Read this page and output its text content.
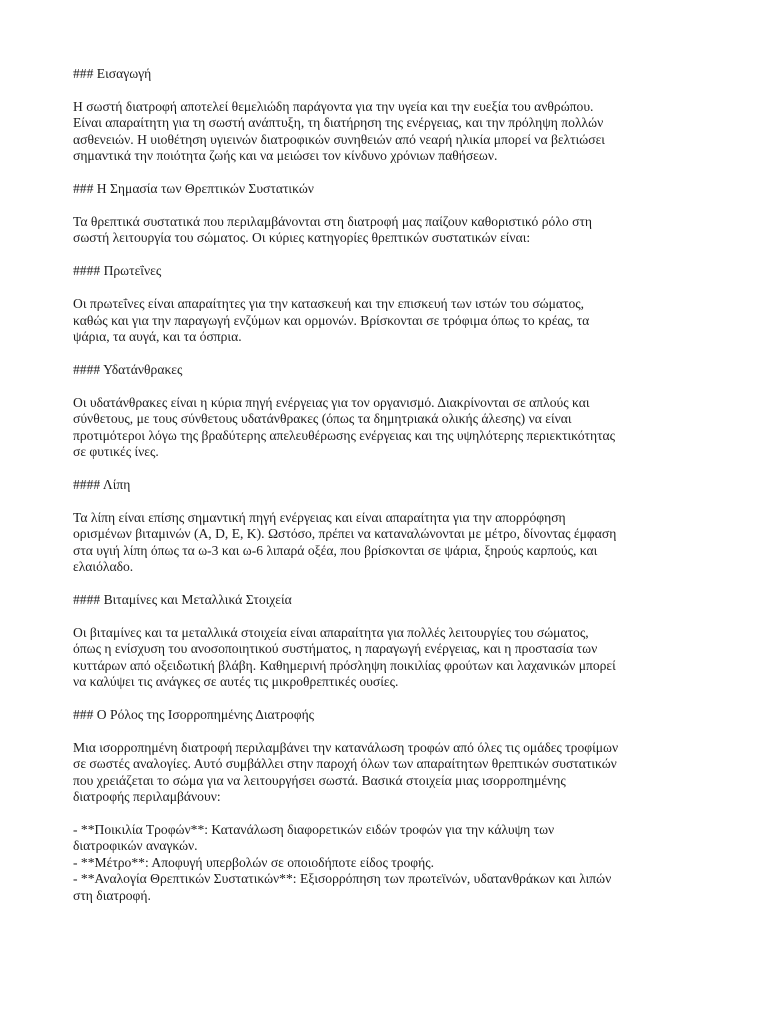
### Εισαγωγή

Η σωστή διατροφή αποτελεί θεμελιώδη παράγοντα για την υγεία και την ευεξία του ανθρώπου.

Είναι απαραίτητη για τη σωστή ανάπτυξη, τη διατήρηση της ενέργειας, και την πρόληψη πολλών

ασθενειών. Η υιοθέτηση υγιεινών διατροφικών συνηθειών από νεαρή ηλικία μπορεί να βελτιώσει

σημαντικά την ποιότητα ζωής και να μειώσει τον κίνδυνο χρόνιων παθήσεων.

### Η Σημασία των Θρεπτικών Συστατικών

Τα θρεπτικά συστατικά που περιλαμβάνονται στη διατροφή μας παίζουν καθοριστικό ρόλο στη

σωστή λειτουργία του σώματος. Οι κύριες κατηγορίες θρεπτικών συστατικών είναι:

#### Πρωτεΐνες

Οι πρωτεΐνες είναι απαραίτητες για την κατασκευή και την επισκευή των ιστών του σώματος,

καθώς και για την παραγωγή ενζύμων και ορμονών. Βρίσκονται σε τρόφιμα όπως το κρέας, τα

ψάρια, τα αυγά, και τα όσπρια.

#### Υδατάνθρακες

Οι υδατάνθρακες είναι η κύρια πηγή ενέργειας για τον οργανισμό. Διακρίνονται σε απλούς και

σύνθετους, με τους σύνθετους υδατάνθρακες (όπως τα δημητριακά ολικής άλεσης) να είναι

προτιμότεροι λόγω της βραδύτερης απελευθέρωσης ενέργειας και της υψηλότερης περιεκτικότητας

σε φυτικές ίνες.

#### Λίπη

Τα λίπη είναι επίσης σημαντική πηγή ενέργειας και είναι απαραίτητα για την απορρόφηση

ορισμένων βιταμινών (A, D, E, K). Ωστόσο, πρέπει να καταναλώνονται με μέτρο, δίνοντας έμφαση

στα υγιή λίπη όπως τα ω-3 και ω-6 λιπαρά οξέα, που βρίσκονται σε ψάρια, ξηρούς καρπούς, και

ελαιόλαδο.

#### Βιταμίνες και Μεταλλικά Στοιχεία

Οι βιταμίνες και τα μεταλλικά στοιχεία είναι απαραίτητα για πολλές λειτουργίες του σώματος,

όπως η ενίσχυση του ανοσοποιητικού συστήματος, η παραγωγή ενέργειας, και η προστασία των

κυττάρων από οξειδωτική βλάβη. Καθημερινή πρόσληψη ποικιλίας φρούτων και λαχανικών μπορεί

να καλύψει τις ανάγκες σε αυτές τις μικροθρεπτικές ουσίες.

### Ο Ρόλος της Ισορροπημένης Διατροφής

Μια ισορροπημένη διατροφή περιλαμβάνει την κατανάλωση τροφών από όλες τις ομάδες τροφίμων

σε σωστές αναλογίες. Αυτό συμβάλλει στην παροχή όλων των απαραίτητων θρεπτικών συστατικών

που χρειάζεται το σώμα για να λειτουργήσει σωστά. Βασικά στοιχεία μιας ισορροπημένης

διατροφής περιλαμβάνουν:

- **Ποικιλία Τροφών**: Κατανάλωση διαφορετικών ειδών τροφών για την κάλυψη των

διατροφικών αναγκών.

- **Μέτρο**: Αποφυγή υπερβολών σε οποιοδήποτε είδος τροφής.

- **Αναλογία Θρεπτικών Συστατικών**: Εξισορρόπηση των πρωτεϊνών, υδατανθράκων και λιπών

στη διατροφή.
